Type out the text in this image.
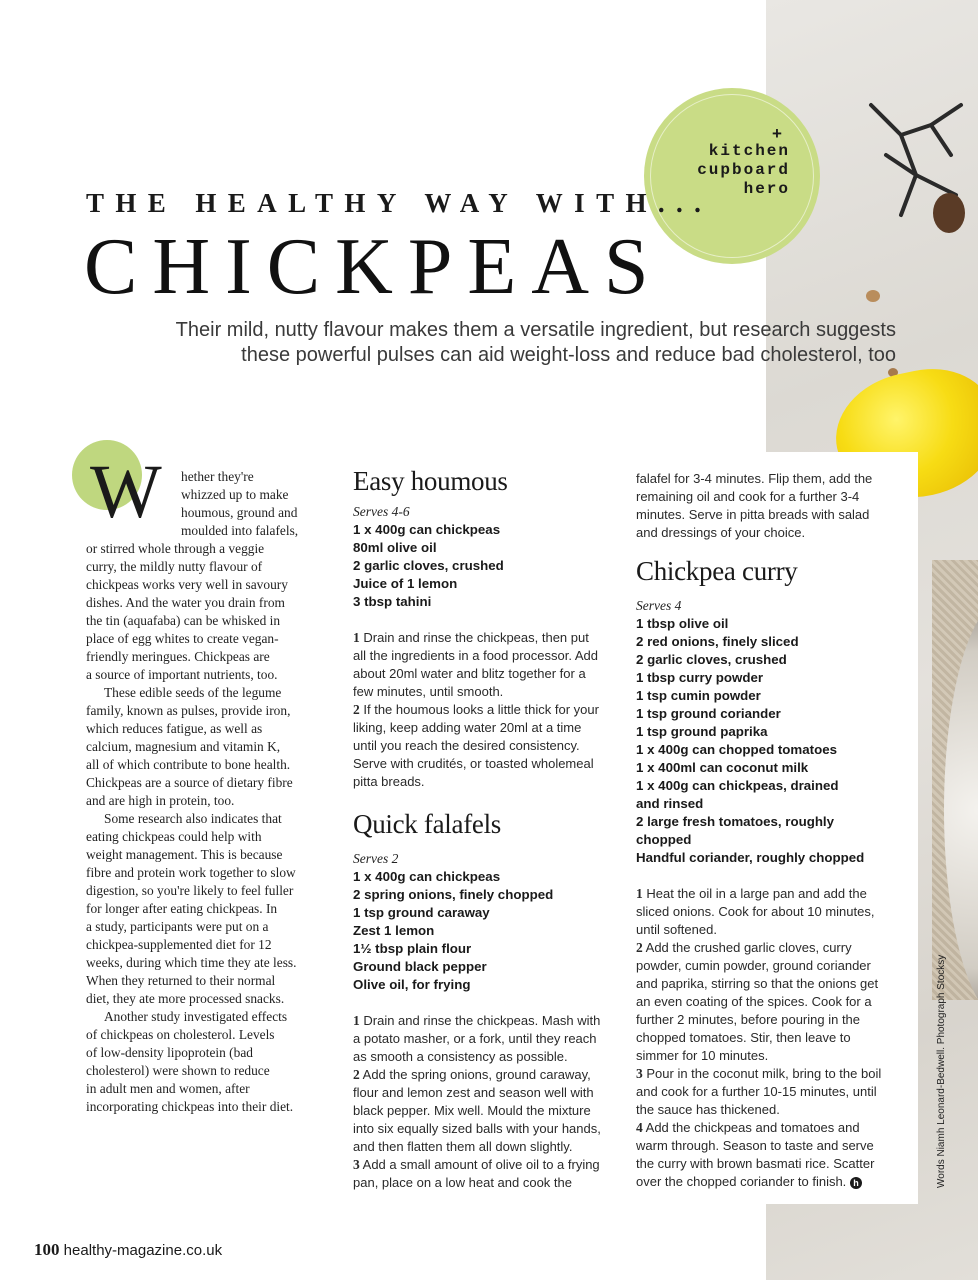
+
kitchen
cupboard
hero
THE HEALTHY WAY WITH...
CHICKPEAS
Their mild, nutty flavour makes them a versatile ingredient, but research suggests
these powerful pulses can aid weight-loss and reduce bad cholesterol, too
W	hether they're
whizzed up to make
houmous, ground and
moulded into falafels,
or stirred whole through a veggie
curry, the mildly nutty flavour of
chickpeas works very well in savoury
dishes. And the water you drain from
the tin (aquafaba) can be whisked in
place of egg whites to create vegan-
friendly meringues. Chickpeas are
a source of important nutrients, too.
These edible seeds of the legume
family, known as pulses, provide iron,
which reduces fatigue, as well as
calcium, magnesium and vitamin K,
all of which contribute to bone health.
Chickpeas are a source of dietary fibre
and are high in protein, too.
Some research also indicates that
eating chickpeas could help with
weight management. This is because
fibre and protein work together to slow
digestion, so you're likely to feel fuller
for longer after eating chickpeas. In
a study, participants were put on a
chickpea-supplemented diet for 12
weeks, during which time they ate less.
When they returned to their normal
diet, they ate more processed snacks.
Another study investigated effects
of chickpeas on cholesterol. Levels
of low-density lipoprotein (bad
cholesterol) were shown to reduce
in adult men and women, after
incorporating chickpeas into their diet.
Easy houmous
Serves 4-6
1 x 400g can chickpeas
80ml olive oil
2 garlic cloves, crushed
Juice of 1 lemon
3 tbsp tahini
1 Drain and rinse the chickpeas, then put
all the ingredients in a food processor. Add
about 20ml water and blitz together for a
few minutes, until smooth.
2 If the houmous looks a little thick for your
liking, keep adding water 20ml at a time
until you reach the desired consistency.
Serve with crudités, or toasted wholemeal
pitta breads.
Quick falafels
Serves 2
1 x 400g can chickpeas
2 spring onions, finely chopped
1 tsp ground caraway
Zest 1 lemon
1½ tbsp plain flour
Ground black pepper
Olive oil, for frying
1 Drain and rinse the chickpeas. Mash with
a potato masher, or a fork, until they reach
as smooth a consistency as possible.
2 Add the spring onions, ground caraway,
flour and lemon zest and season well with
black pepper. Mix well. Mould the mixture
into six equally sized balls with your hands,
and then flatten them all down slightly.
3 Add a small amount of olive oil to a frying
pan, place on a low heat and cook the
falafel for 3-4 minutes. Flip them, add the
remaining oil and cook for a further 3-4
minutes. Serve in pitta breads with salad
and dressings of your choice.
Chickpea curry
Serves 4
1 tbsp olive oil
2 red onions, finely sliced
2 garlic cloves, crushed
1 tbsp curry powder
1 tsp cumin powder
1 tsp ground coriander
1 tsp ground paprika
1 x 400g can chopped tomatoes
1 x 400ml can coconut milk
1 x 400g can chickpeas, drained
and rinsed
2 large fresh tomatoes, roughly
chopped
Handful coriander, roughly chopped
1 Heat the oil in a large pan and add the
sliced onions. Cook for about 10 minutes,
until softened.
2 Add the crushed garlic cloves, curry
powder, cumin powder, ground coriander
and paprika, stirring so that the onions get
an even coating of the spices. Cook for a
further 2 minutes, before pouring in the
chopped tomatoes. Stir, then leave to
simmer for 10 minutes.
3 Pour in the coconut milk, bring to the boil
and cook for a further 10-15 minutes, until
the sauce has thickened.
4 Add the chickpeas and tomatoes and
warm through. Season to taste and serve
the curry with brown basmati rice. Scatter
over the chopped coriander to finish. h	Words Niamh Leonard-Bedwell. Photograph Stocksy
100 healthy-magazine.co.uk
